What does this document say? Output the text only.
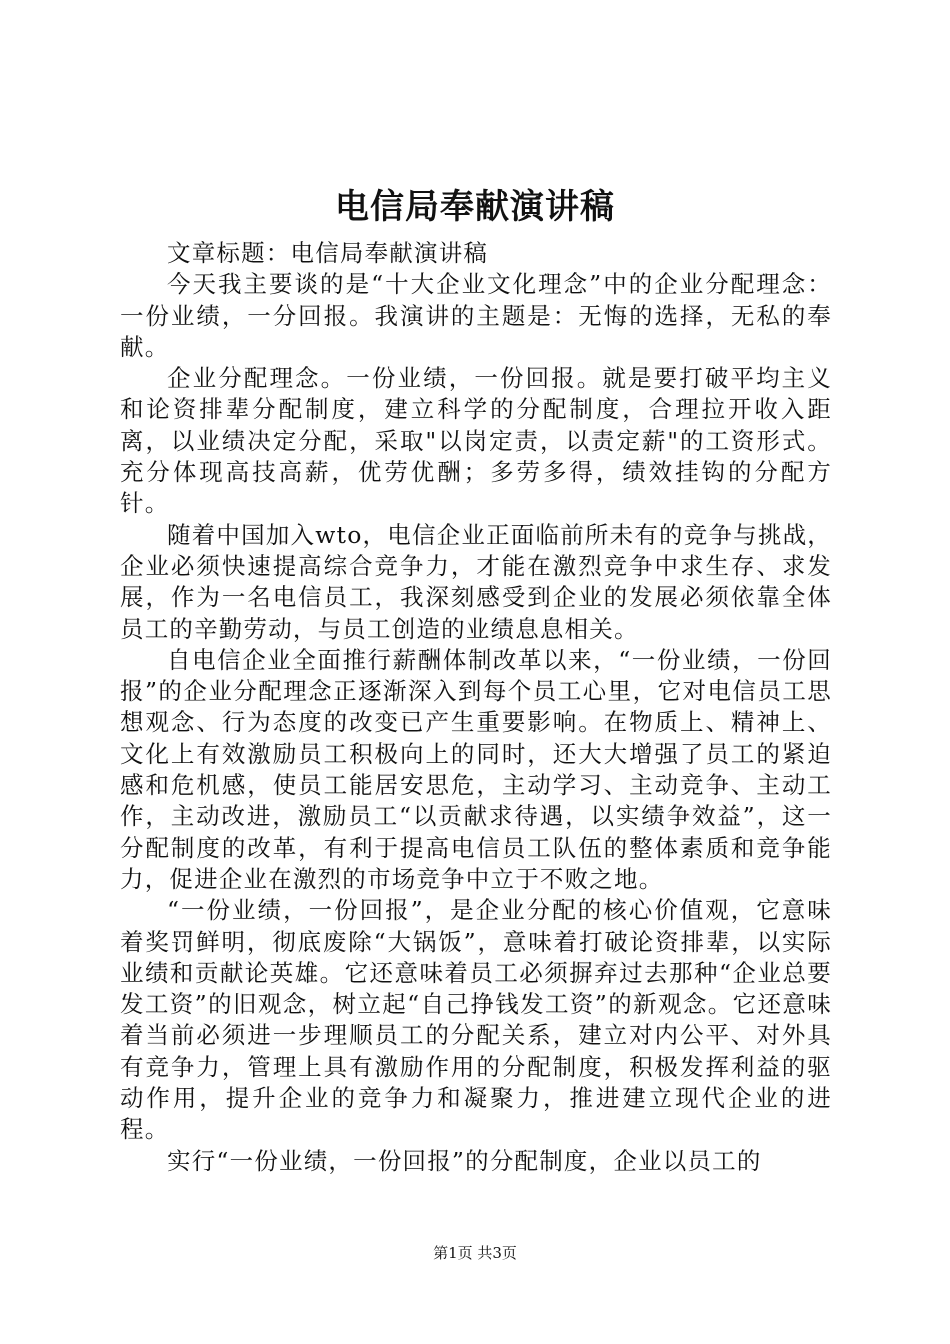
电信局奉献演讲稿

文章标题：电信局奉献演讲稿

今天我主要谈的是“十大企业文化理念”中的企业分配理念：一份业绩，一分回报。我演讲的主题是：无悔的选择，无私的奉献。

企业分配理念。一份业绩，一份回报。就是要打破平均主义和论资排辈分配制度，建立科学的分配制度，合理拉开收入距离，以业绩决定分配，采取"以岗定责，以责定薪"的工资形式。充分体现高技高薪，优劳优酬；多劳多得，绩效挂钩的分配方针。

随着中国加入wto，电信企业正面临前所未有的竞争与挑战，企业必须快速提高综合竞争力，才能在激烈竞争中求生存、求发展，作为一名电信员工，我深刻感受到企业的发展必须依靠全体员工的辛勤劳动，与员工创造的业绩息息相关。

自电信企业全面推行薪酬体制改革以来，“一份业绩，一份回报”的企业分配理念正逐渐深入到每个员工心里，它对电信员工思想观念、行为态度的改变已产生重要影响。在物质上、精神上、文化上有效激励员工积极向上的同时，还大大增强了员工的紧迫感和危机感，使员工能居安思危，主动学习、主动竞争、主动工作，主动改进，激励员工“以贡献求待遇，以实绩争效益”，这一分配制度的改革，有利于提高电信员工队伍的整体素质和竞争能力，促进企业在激烈的市场竞争中立于不败之地。

“一份业绩，一份回报”，是企业分配的核心价值观，它意味着奖罚鲜明，彻底废除“大锅饭”，意味着打破论资排辈，以实际业绩和贡献论英雄。它还意味着员工必须摒弃过去那种“企业总要发工资”的旧观念，树立起“自己挣钱发工资”的新观念。它还意味着当前必须进一步理顺员工的分配关系，建立对内公平、对外具有竞争力，管理上具有激励作用的分配制度，积极发挥利益的驱动作用，提升企业的竞争力和凝聚力，推进建立现代企业的进程。

实行“一份业绩，一份回报”的分配制度，企业以员工的

第1页 共3页
